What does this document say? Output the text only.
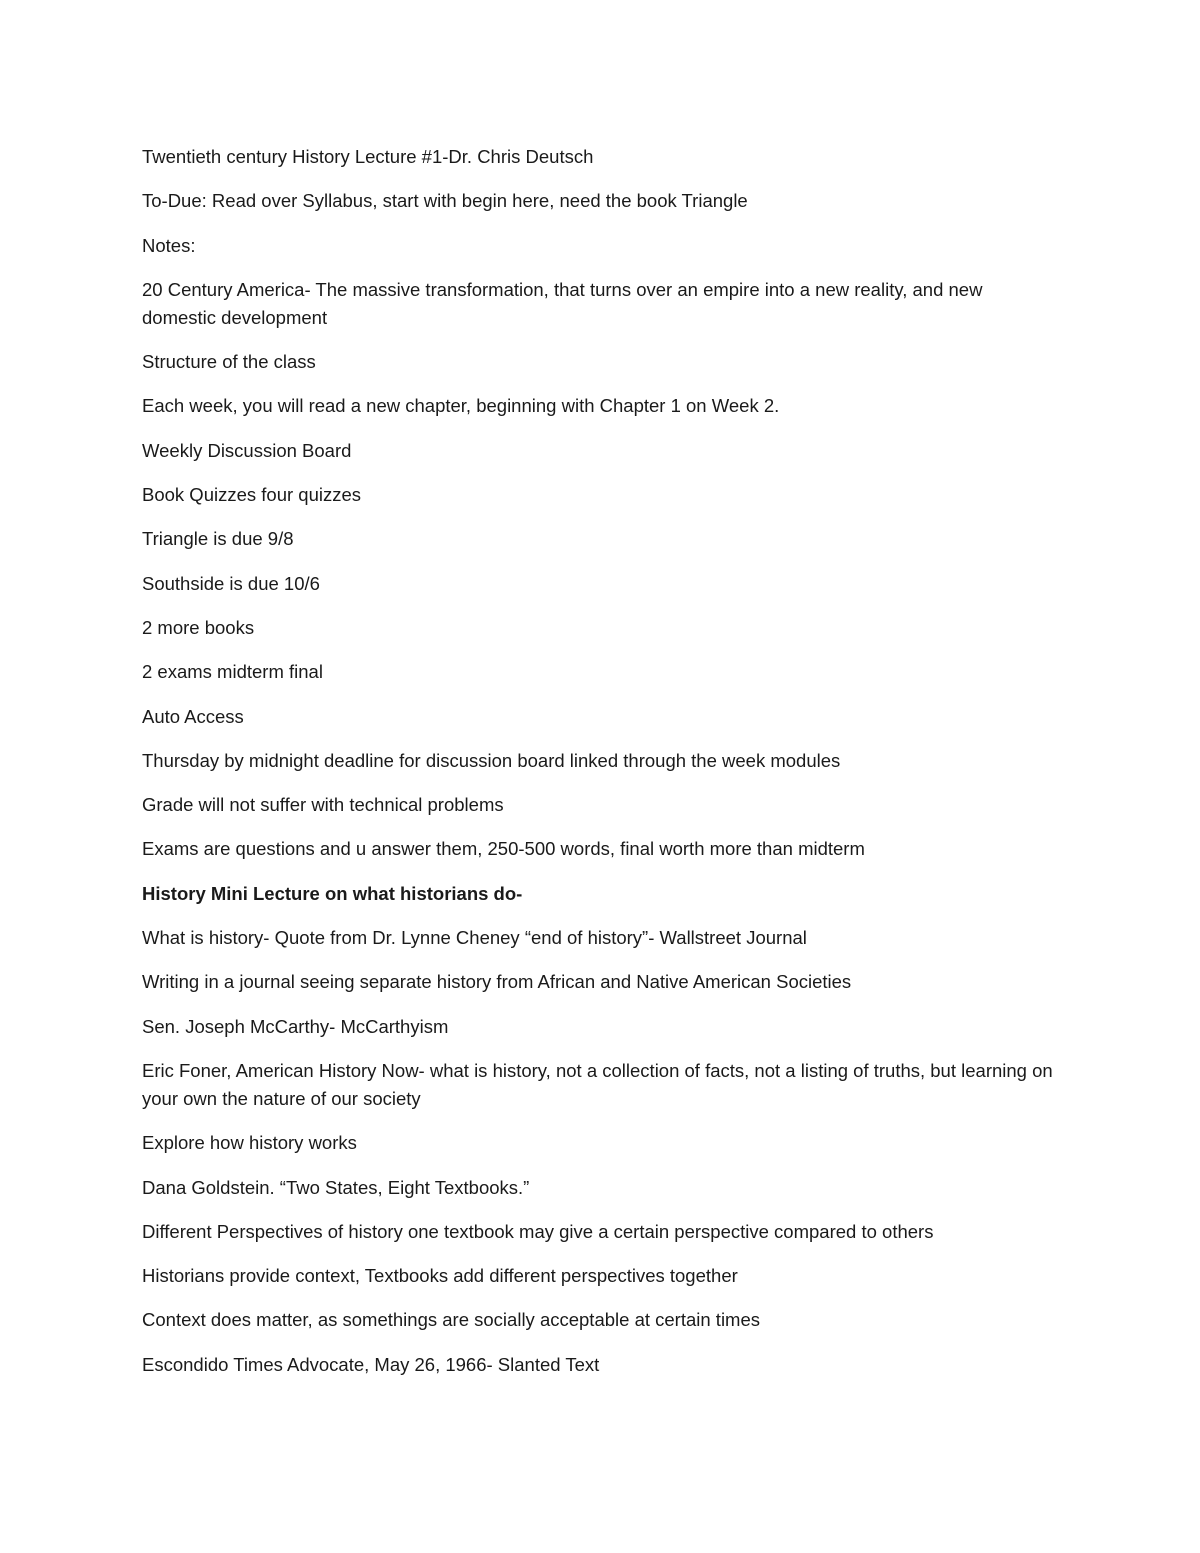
Twentieth century History Lecture #1-Dr. Chris Deutsch

To-Due: Read over Syllabus, start with begin here, need the book Triangle

Notes:

20 Century America- The massive transformation, that turns over an empire into a new reality, and new domestic development

Structure of the class

Each week, you will read a new chapter, beginning with Chapter 1 on Week 2.

Weekly Discussion Board

Book Quizzes four quizzes

Triangle is due 9/8

Southside is due 10/6

2 more books

2 exams midterm final

Auto Access

Thursday by midnight deadline for discussion board linked through the week modules

Grade will not suffer with technical problems

Exams are questions and u answer them, 250-500 words, final worth more than midterm

History Mini Lecture on what historians do-

What is history- Quote from Dr. Lynne Cheney “end of history”- Wallstreet Journal

Writing in a journal seeing separate history from African and Native American Societies

Sen. Joseph McCarthy- McCarthyism

Eric Foner, American History Now- what is history, not a collection of facts, not a listing of truths, but learning on your own the nature of our society

Explore how history works

Dana Goldstein. “Two States, Eight Textbooks.”

Different Perspectives of history one textbook may give a certain perspective compared to others

Historians provide context, Textbooks add different perspectives together

Context does matter, as somethings are socially acceptable at certain times

Escondido Times Advocate, May 26, 1966- Slanted Text
